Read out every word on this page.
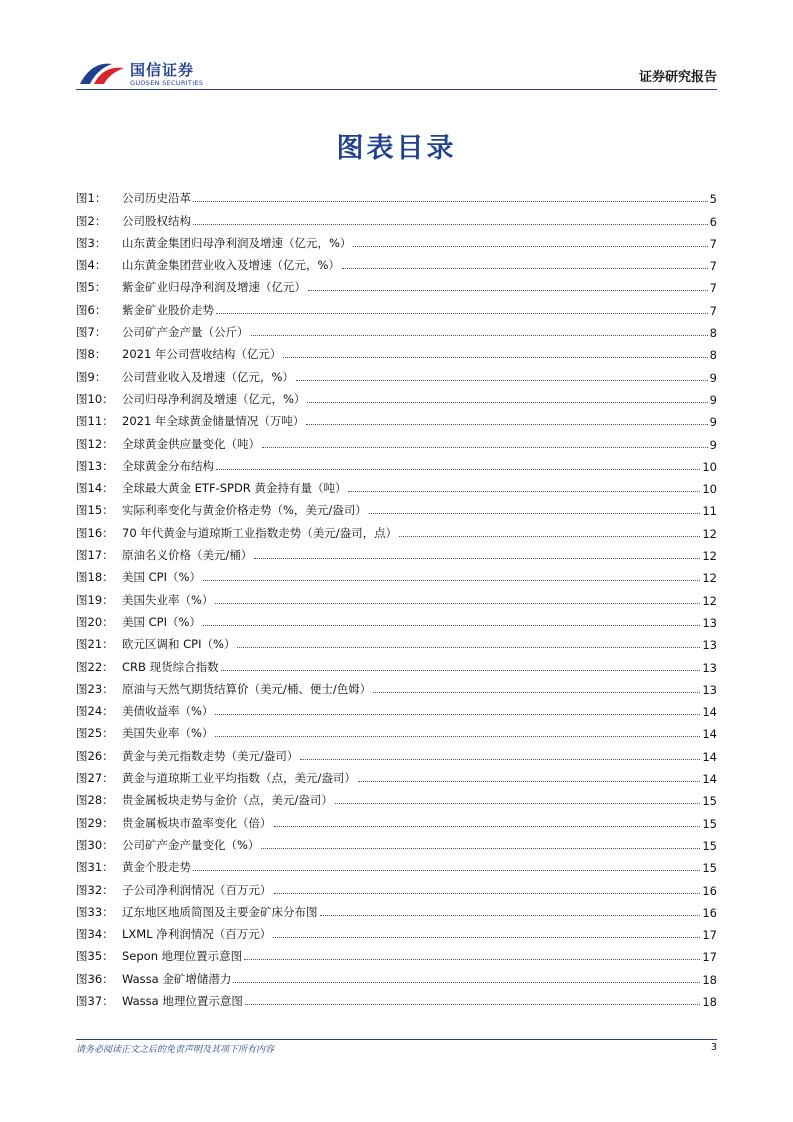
国信证券
GUOSEN SECURITIES	证券研究报告
图表目录
图1：	公司历史沿革	5
图2：	公司股权结构	6
图3：	山东黄金集团归母净利润及增速（亿元，%）	7
图4：	山东黄金集团营业收入及增速（亿元，%）	7
图5：	紫金矿业归母净利润及增速（亿元）	7
图6：	紫金矿业股价走势	7
图7：	公司矿产金产量（公斤）	8
图8：	2021 年公司营收结构（亿元）	8
图9：	公司营业收入及增速（亿元，%）	9
图10： 公司归母净利润及增速（亿元，%）	9
图11： 2021 年全球黄金储量情况（万吨）	9
图12： 全球黄金供应量变化（吨）	9
图13： 全球黄金分布结构	10
图14： 全球最大黄金 ETF-SPDR 黄金持有量（吨）	10
图15： 实际利率变化与黄金价格走势（%，美元/盎司）	11
图16： 70 年代黄金与道琼斯工业指数走势（美元/盎司，点）	12
图17： 原油名义价格（美元/桶）	12
图18： 美国 CPI（%）	12
图19： 美国失业率（%）	12
图20： 美国 CPI（%）	13
图21： 欧元区调和 CPI（%）	13
图22： CRB 现货综合指数	13
图23： 原油与天然气期货结算价（美元/桶、便士/色姆）	13
图24： 美债收益率（%）	14
图25： 美国失业率（%）	14
图26： 黄金与美元指数走势（美元/盎司）	14
图27： 黄金与道琼斯工业平均指数（点，美元/盎司）	14
图28： 贵金属板块走势与金价（点，美元/盎司）	15
图29： 贵金属板块市盈率变化（倍）	15
图30： 公司矿产金产量变化（%）	15
图31： 黄金个股走势	15
图32： 子公司净利润情况（百万元）	16
图33： 辽东地区地质简图及主要金矿床分布图	16
图34： LXML 净利润情况（百万元）	17
图35： Sepon 地理位置示意图	17
图36： Wassa 金矿增储潜力	18
图37： Wassa 地理位置示意图	18
请务必阅读正文之后的免责声明及其项下所有内容	3
